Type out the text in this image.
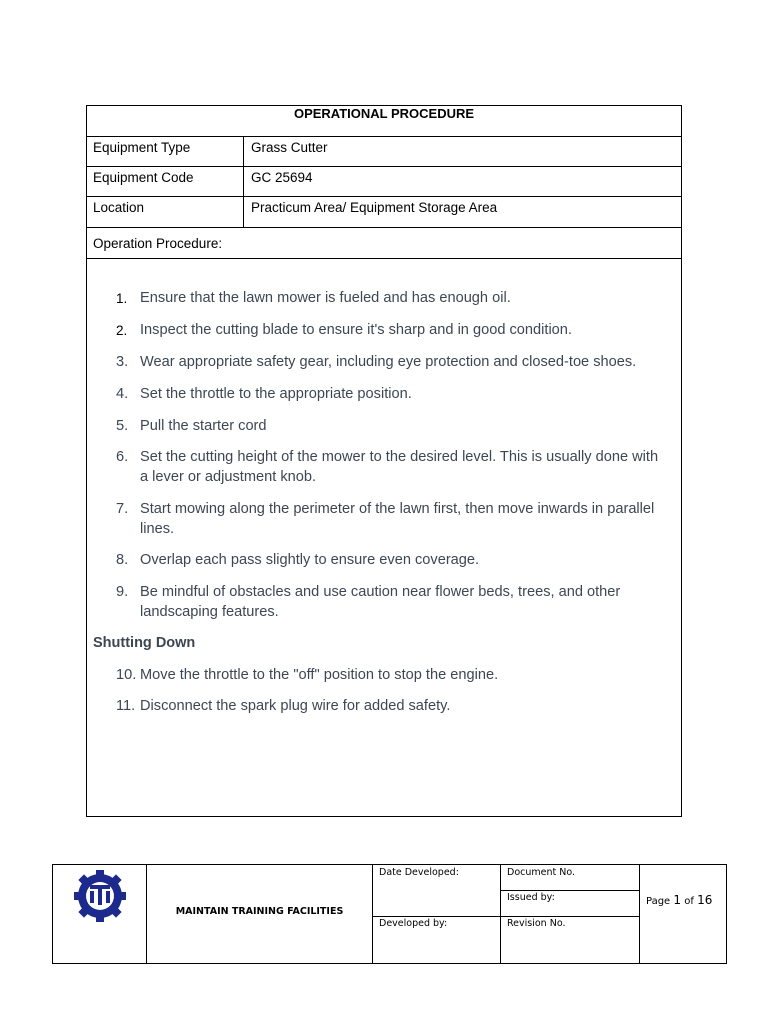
OPERATIONAL PROCEDURE
Equipment Type	Grass Cutter
Equipment Code	GC 25694
Location	Practicum Area/ Equipment Storage Area
Operation Procedure:
1. Ensure that the lawn mower is fueled and has enough oil.
2. Inspect the cutting blade to ensure it's sharp and in good condition.
3. Wear appropriate safety gear, including eye protection and closed-toe shoes.
4. Set the throttle to the appropriate position.
5. Pull the starter cord
6. Set the cutting height of the mower to the desired level. This is usually done with a lever or adjustment knob.
7. Start mowing along the perimeter of the lawn first, then move inwards in parallel lines.
8. Overlap each pass slightly to ensure even coverage.
9. Be mindful of obstacles and use caution near flower beds, trees, and other landscaping features.
Shutting Down
10. Move the throttle to the "off" position to stop the engine.
11. Disconnect the spark plug wire for added safety.
MAINTAIN TRAINING FACILITIES
Date Developed:
Developed by:
Document No.
Issued by:
Revision No.
Page 1 of 16
